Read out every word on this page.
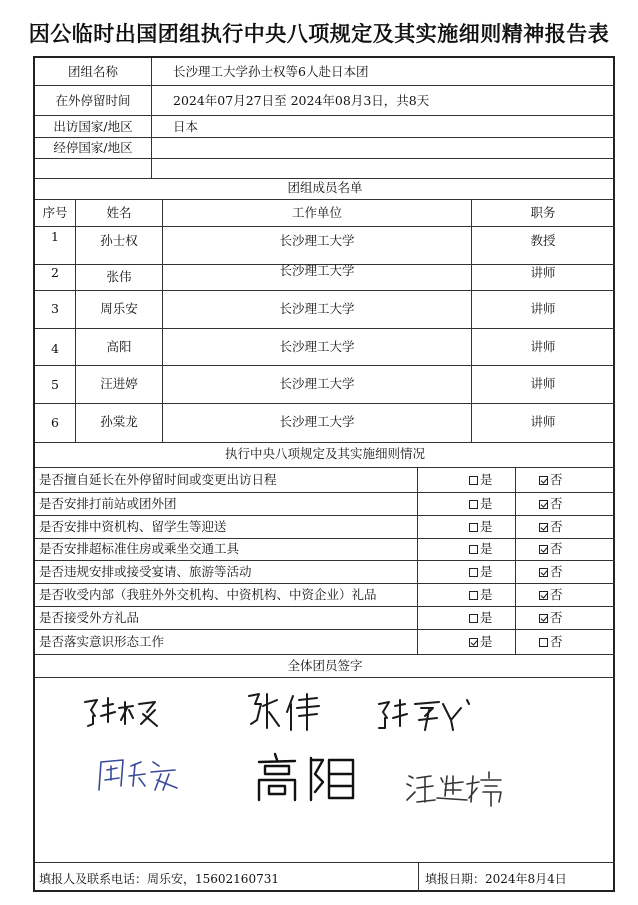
因公临时出国团组执行中央八项规定及其实施细则精神报告表
团组名称	长沙理工大学孙士权等6人赴日本团
在外停留时间	2024年07月27日至 2024年08月3日，共8天
出访国家/地区	日本
经停国家/地区
团组成员名单
序号	姓名	工作单位	职务
1	孙士权	长沙理工大学	教授
2	张伟	长沙理工大学	讲师
3	周乐安	长沙理工大学	讲师
4	高阳	长沙理工大学	讲师
5	汪进婷	长沙理工大学	讲师
6	孙棠龙	长沙理工大学	讲师
执行中央八项规定及其实施细则情况
是否擅自延长在外停留时间或变更出访日程	是	否
是否安排打前站或团外团	是	否
是否安排中资机构、留学生等迎送	是	否
是否安排超标准住房或乘坐交通工具	是	否
是否违规安排或接受宴请、旅游等活动	是	否
是否收受内部（我驻外外交机构、中资机构、中资企业）礼品	是	否
是否接受外方礼品	是	否
是否落实意识形态工作	是	否
全体团员签字
填报人及联系电话：周乐安，15602160731	填报日期：2024年8月4日
